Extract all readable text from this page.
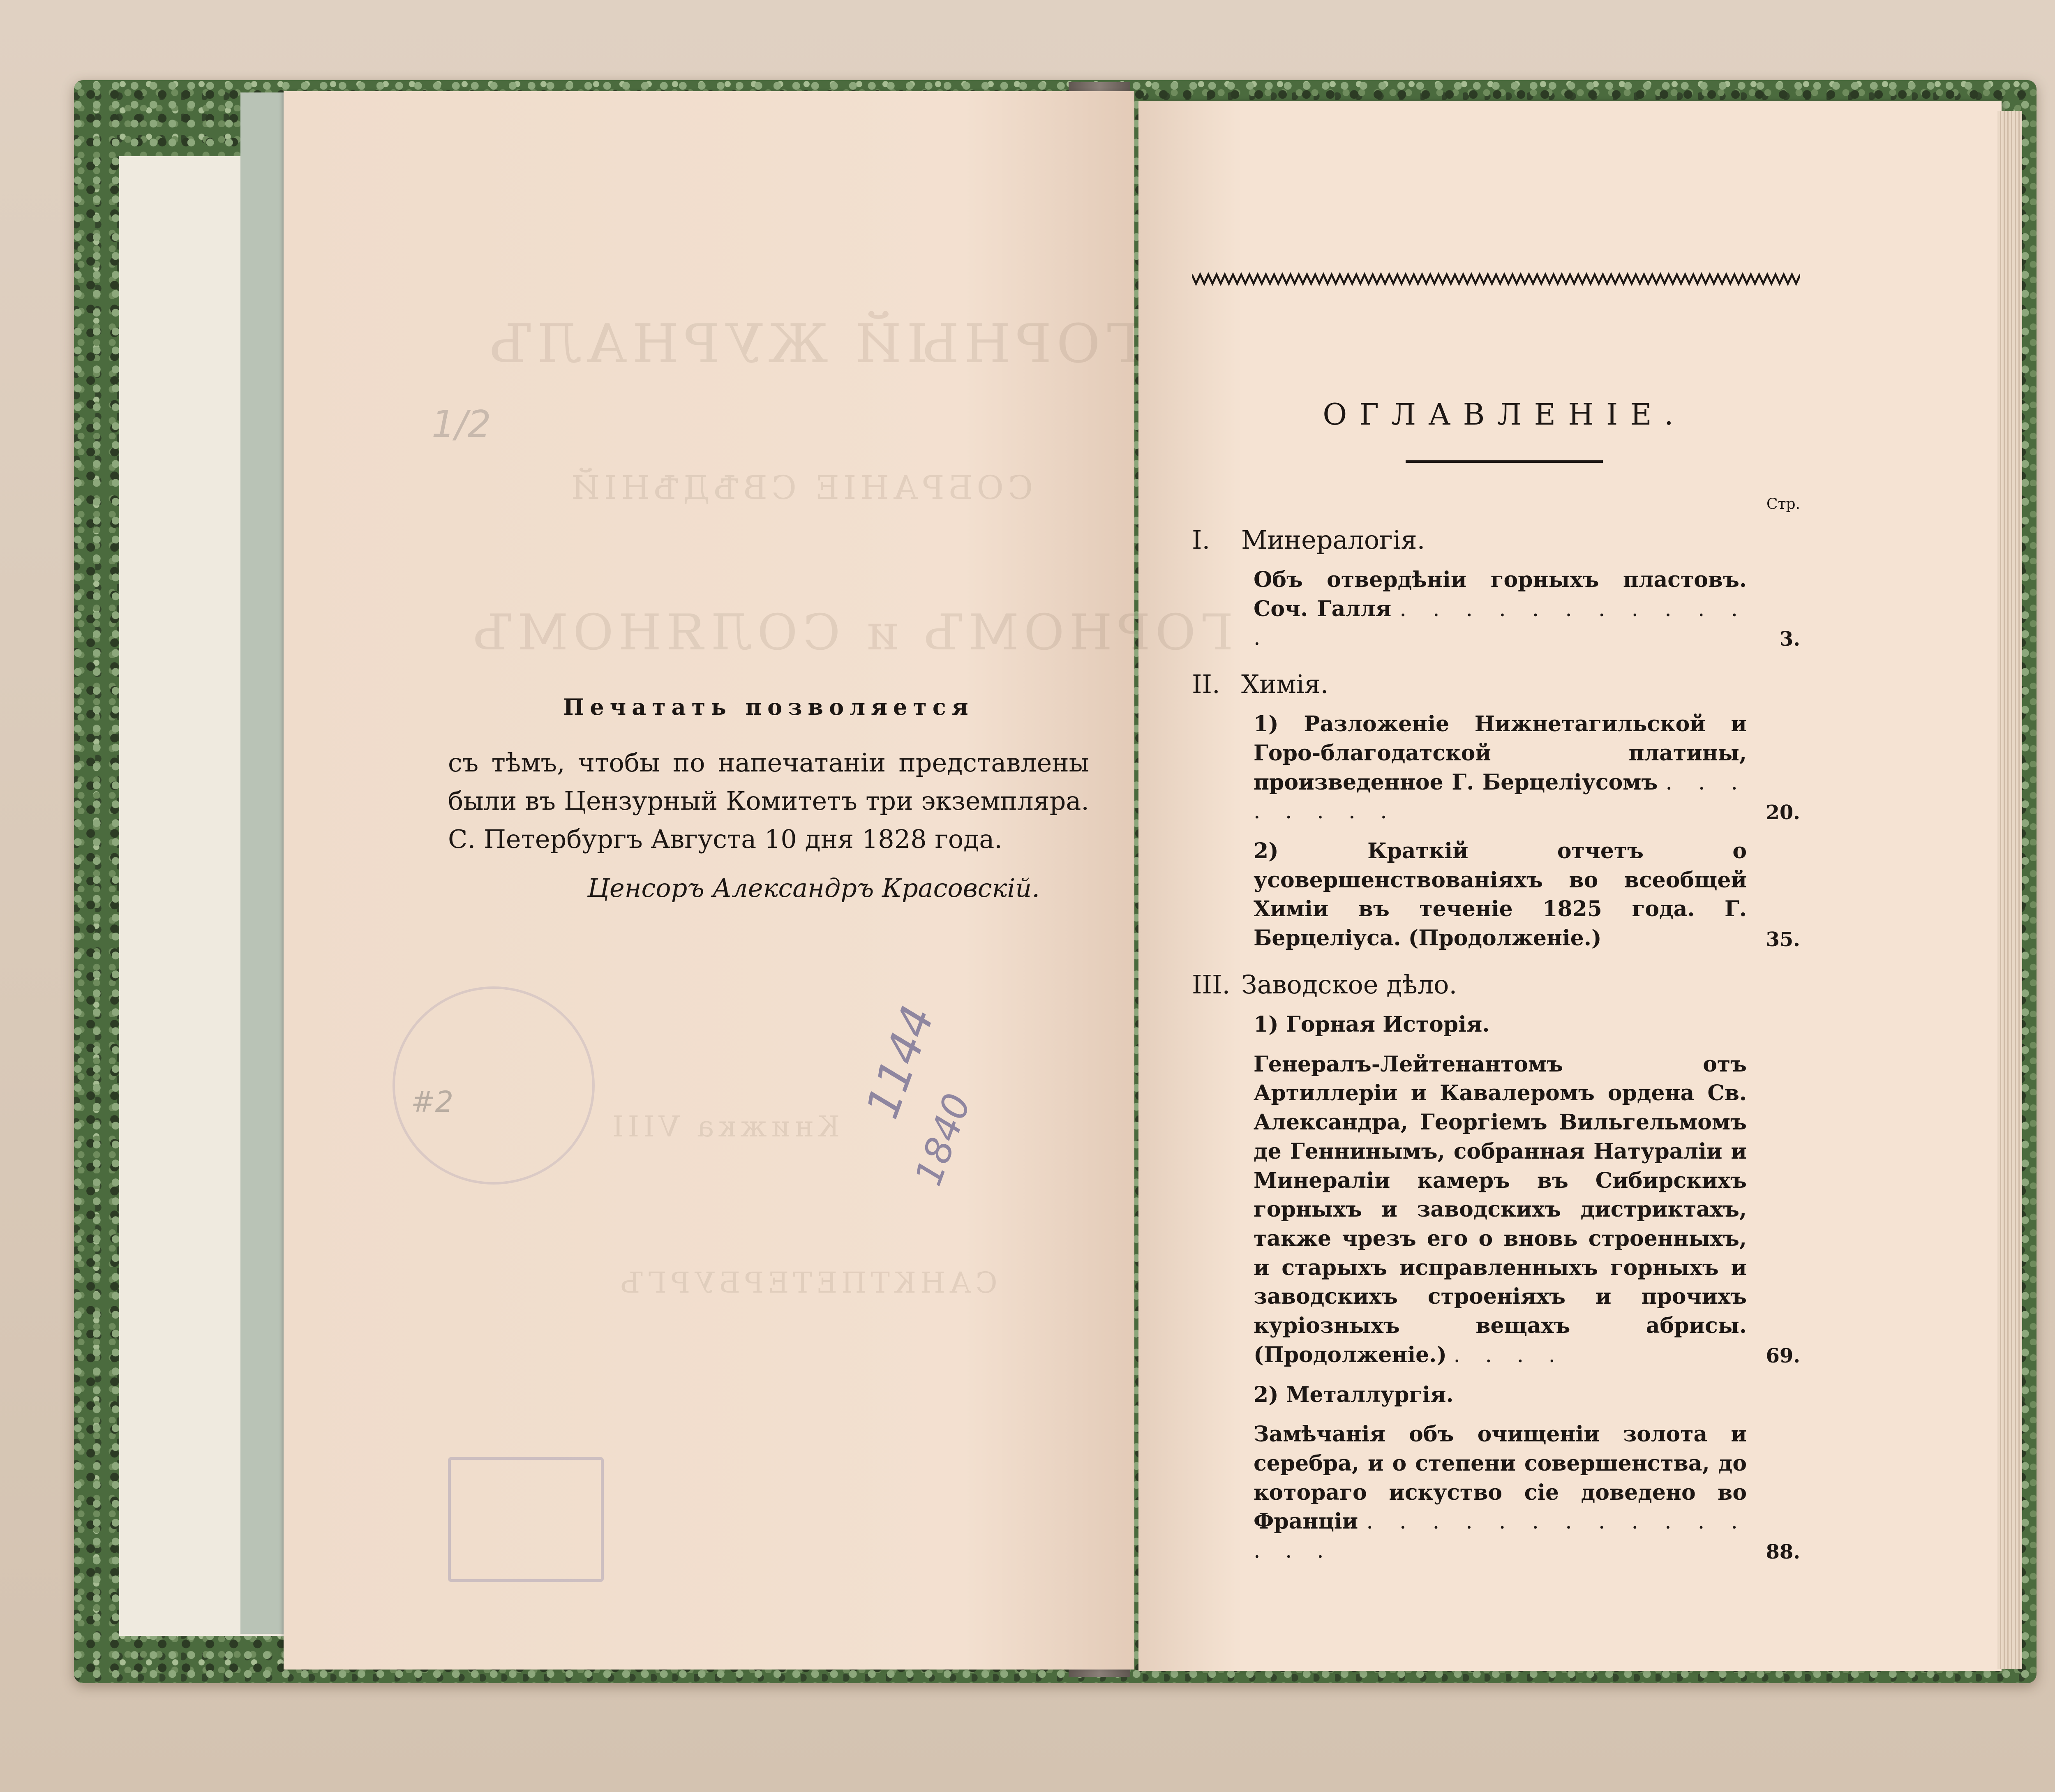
ГОРНЫЙ ЖУРНАЛЪ
СОБРАНІЕ СВѢДѢНІЙ
ГОРНОМЪ и СОЛЯНОМЪ
Книжка VIII
САНКТПЕТЕРБУРГЪ
1144
1840
#2
1/2
Печатать позволяется
съ тѣмъ, чтобы по напечатаніи представлены были въ Цензурный Комитетъ три экземпляра. С. Петербургъ Августа 10 дня 1828 года.
Ценсоръ Александръ Красовскій.
ОГЛАВЛЕНІЕ.
Стр.
I. Минералогія.
Объ отвердѣніи горныхъ пластовъ. Соч. Галля . . . . . . . . . . . .	3.
II. Химія.
1) Разложеніе Нижнетагильской и Горо-благодатской платины, произведенное Г. Берцеліусомъ . . . . . . . .	20.
2) Краткій отчетъ о усовершенствованіяхъ во всеобщей Химіи въ теченіе 1825 года. Г. Берцеліуса. (Продолженіе.)	35.
III. Заводское дѣло.
1) Горная Исторія.
Генералъ-Лейтенантомъ отъ Артиллеріи и Кавалеромъ ордена Св. Александра, Георгіемъ Вильгельмомъ де Геннинымъ, собранная Натураліи и Минераліи камеръ въ Сибирскихъ горныхъ и заводскихъ дистриктахъ, также чрезъ его о вновь строенныхъ, и старыхъ исправленныхъ горныхъ и заводскихъ строеніяхъ и прочихъ куріозныхъ вещахъ абрисы. (Продолженіе.) . . . .	69.
2) Металлургія.
Замѣчанія объ очищеніи золота и серебра, и о степени совершенства, до котораго искуство сіе доведено во Франціи . . . . . . . . . . . . . . .	88.
